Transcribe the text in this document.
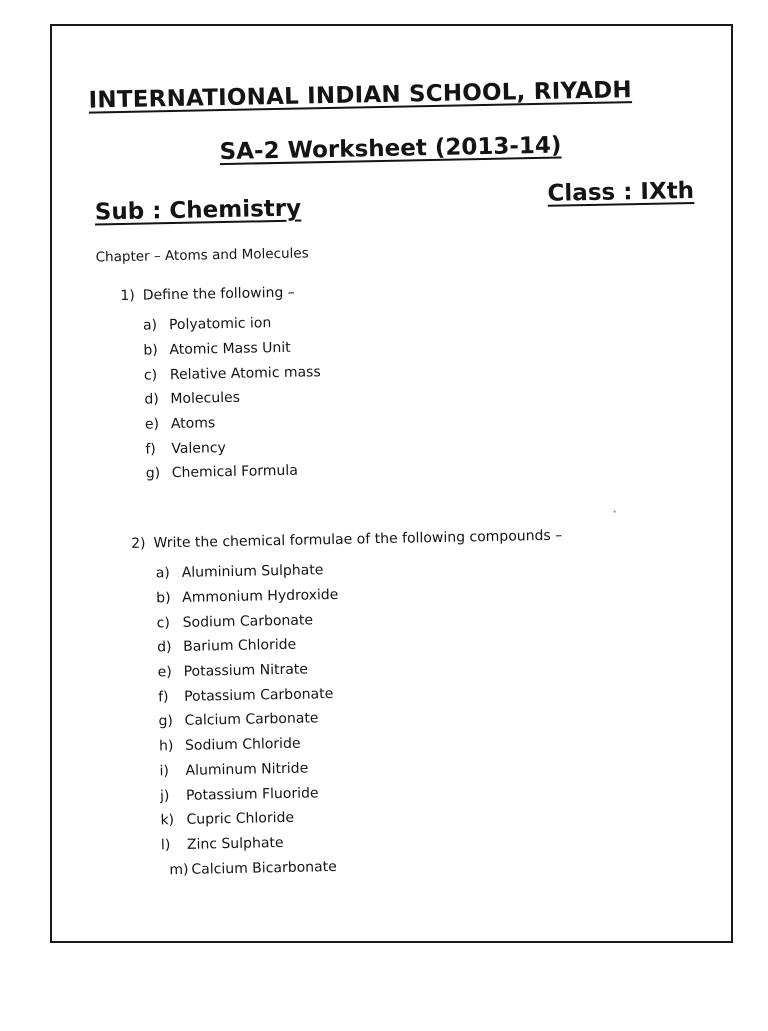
INTERNATIONAL INDIAN SCHOOL, RIYADH
SA-2 Worksheet (2013-14)
Sub : Chemistry
Class : IXth
Chapter – Atoms and Molecules
1) Define the following –
a) Polyatomic ion
b) Atomic Mass Unit
c) Relative Atomic mass
d) Molecules
e) Atoms
f)	Valency
g) Chemical Formula
2) Write the chemical formulae of the following compounds –
a) Aluminium Sulphate
b) Ammonium Hydroxide
c) Sodium Carbonate
d) Barium Chloride
e) Potassium Nitrate
f)	Potassium Carbonate
g) Calcium Carbonate
h) Sodium Chloride
i)	Aluminum Nitride
j)	Potassium Fluoride
k) Cupric Chloride
l)	Zinc Sulphate
m) Calcium Bicarbonate
